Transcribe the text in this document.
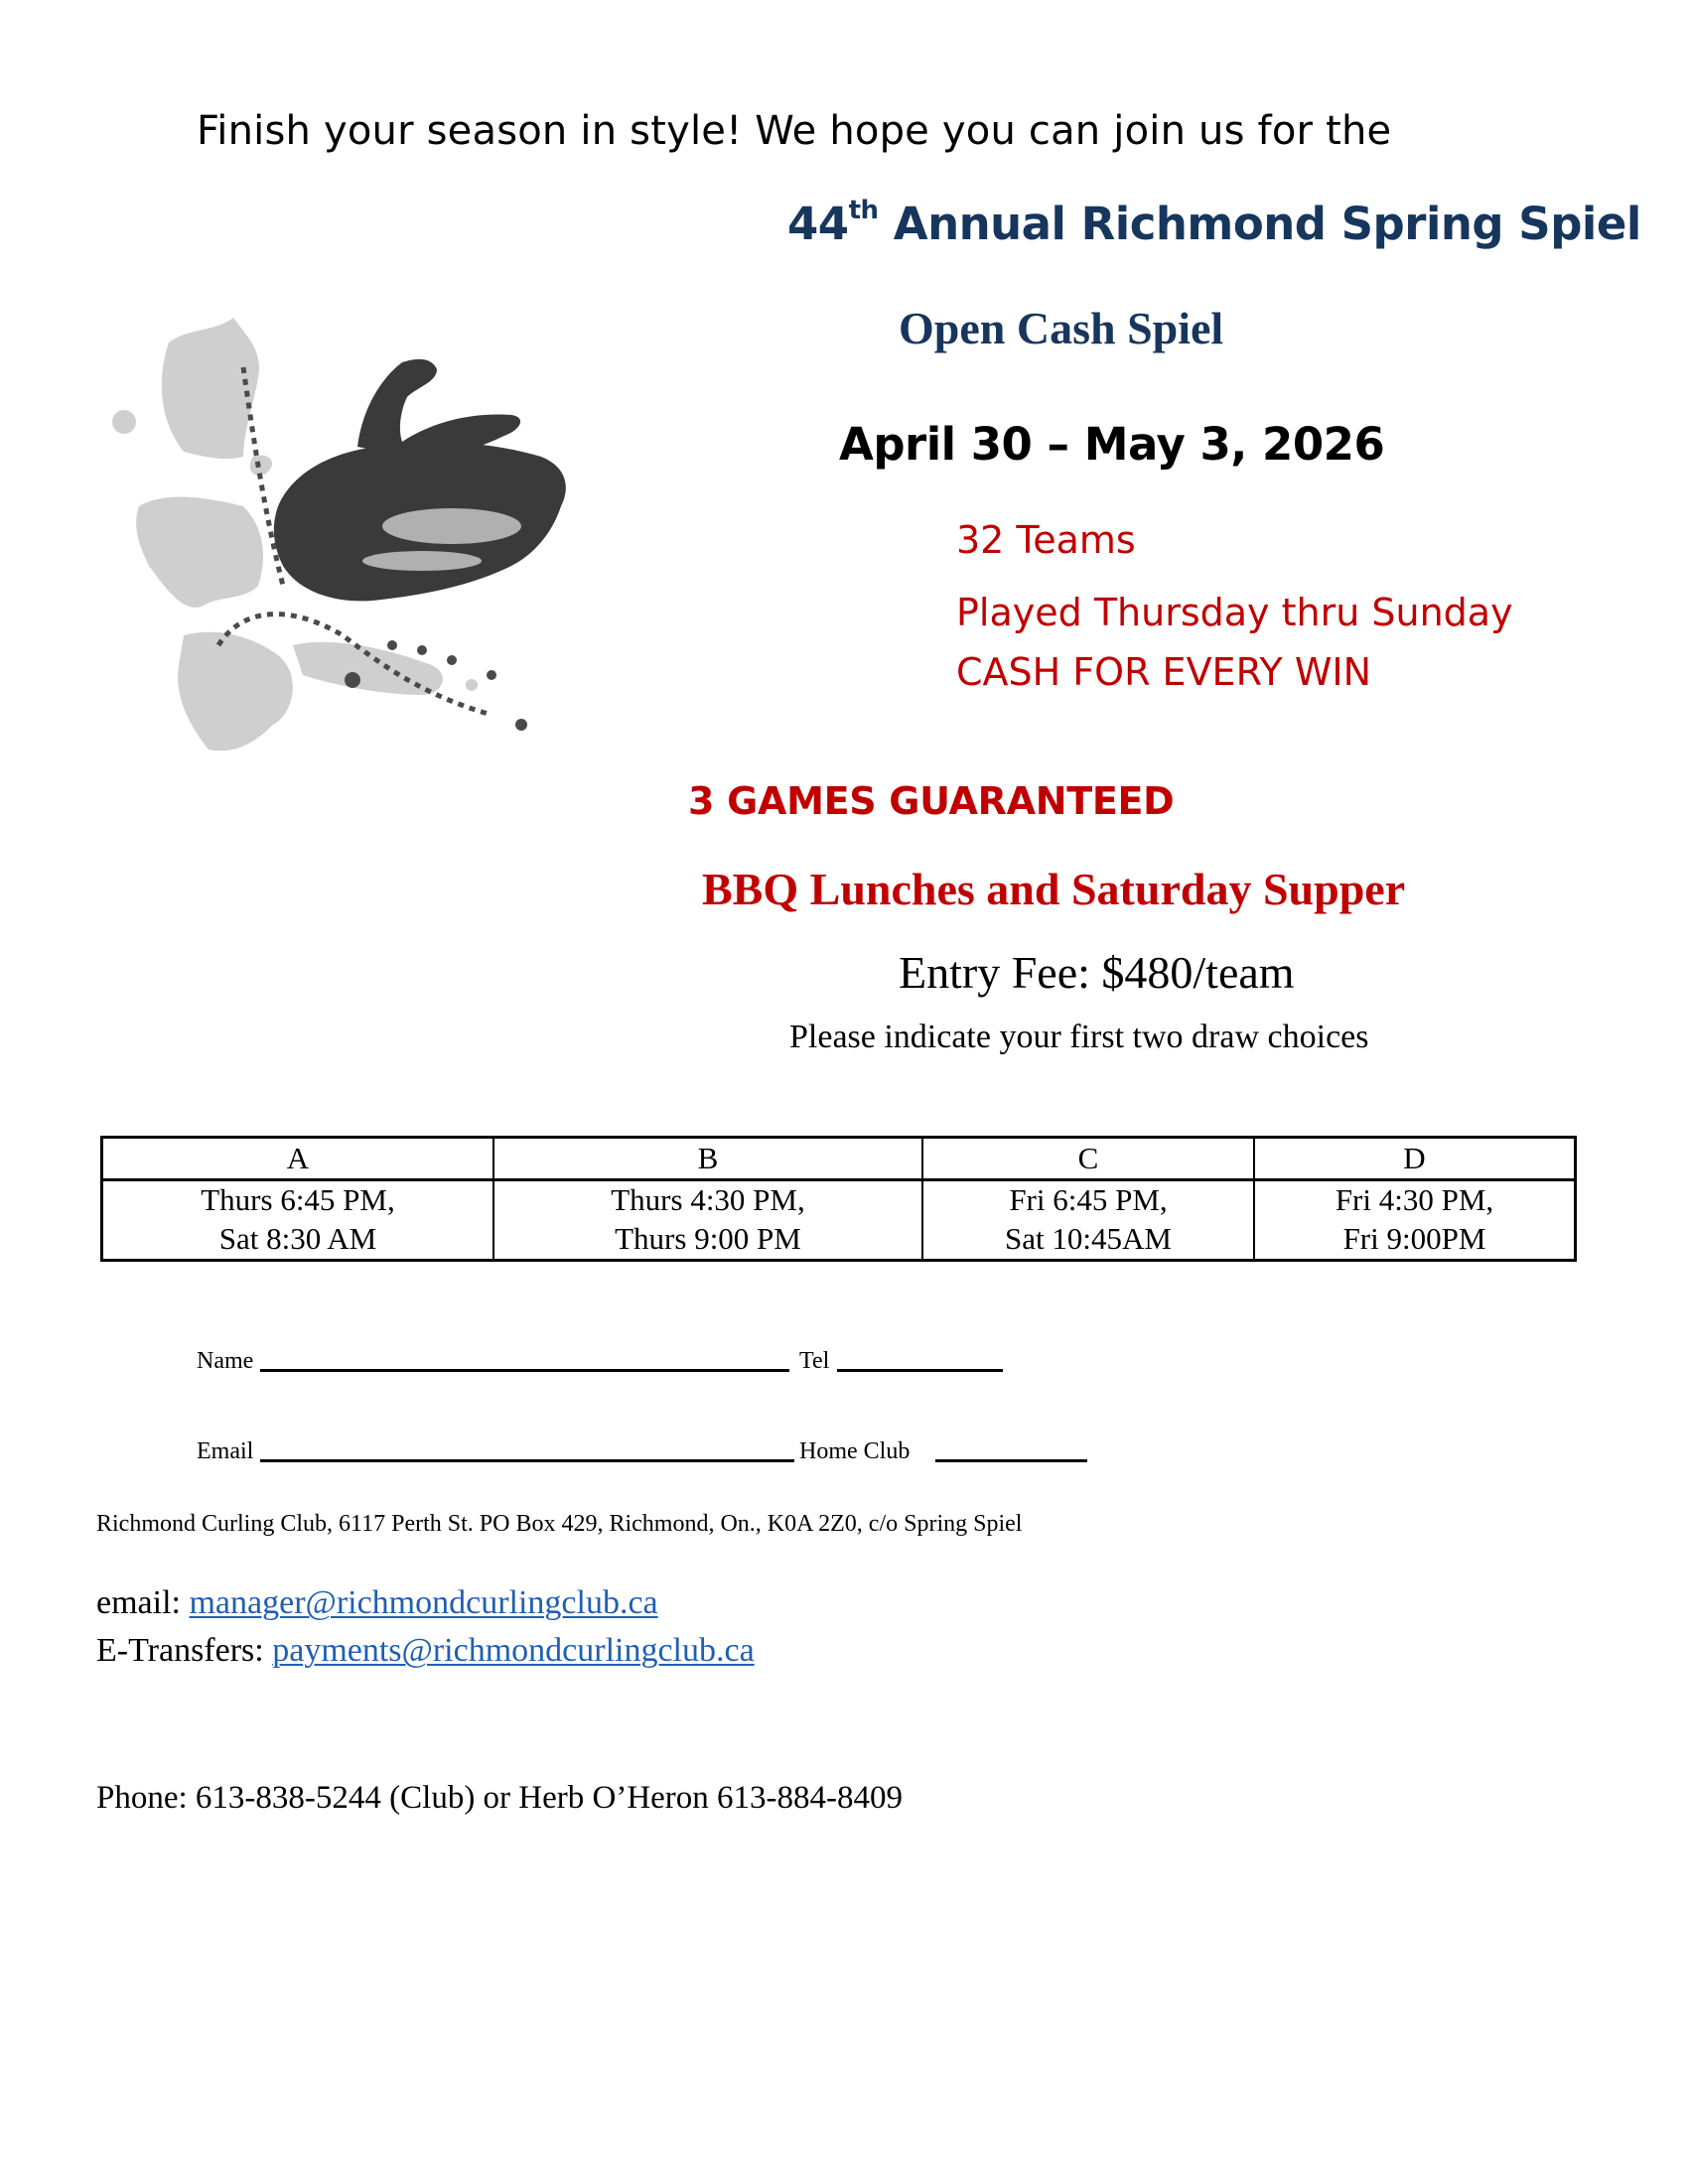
Finish your season in style! We hope you can join us for the
44th Annual Richmond Spring Spiel
Open Cash Spiel
April 30 – May 3, 2026
32 Teams
Played Thursday thru Sunday
CASH FOR EVERY WIN
3 GAMES GUARANTEED
BBQ Lunches and Saturday Supper
Entry Fee: $480/team
Please indicate your first two draw choices
A	B	C	D

Thurs 6:45 PM,
Sat 8:30 AM

Thurs 4:30 PM,
Thurs 9:00 PM

Fri 6:45 PM,
Sat 10:45AM

Fri 4:30 PM,
Fri 9:00PM
Name	Tel
Email	Home Club
Richmond Curling Club, 6117 Perth St. PO Box 429, Richmond, On., K0A 2Z0, c/o Spring Spiel
email: manager@richmondcurlingclub.ca
E-Transfers: payments@richmondcurlingclub.ca
Phone: 613-838-5244 (Club) or Herb O’Heron 613-884-8409
